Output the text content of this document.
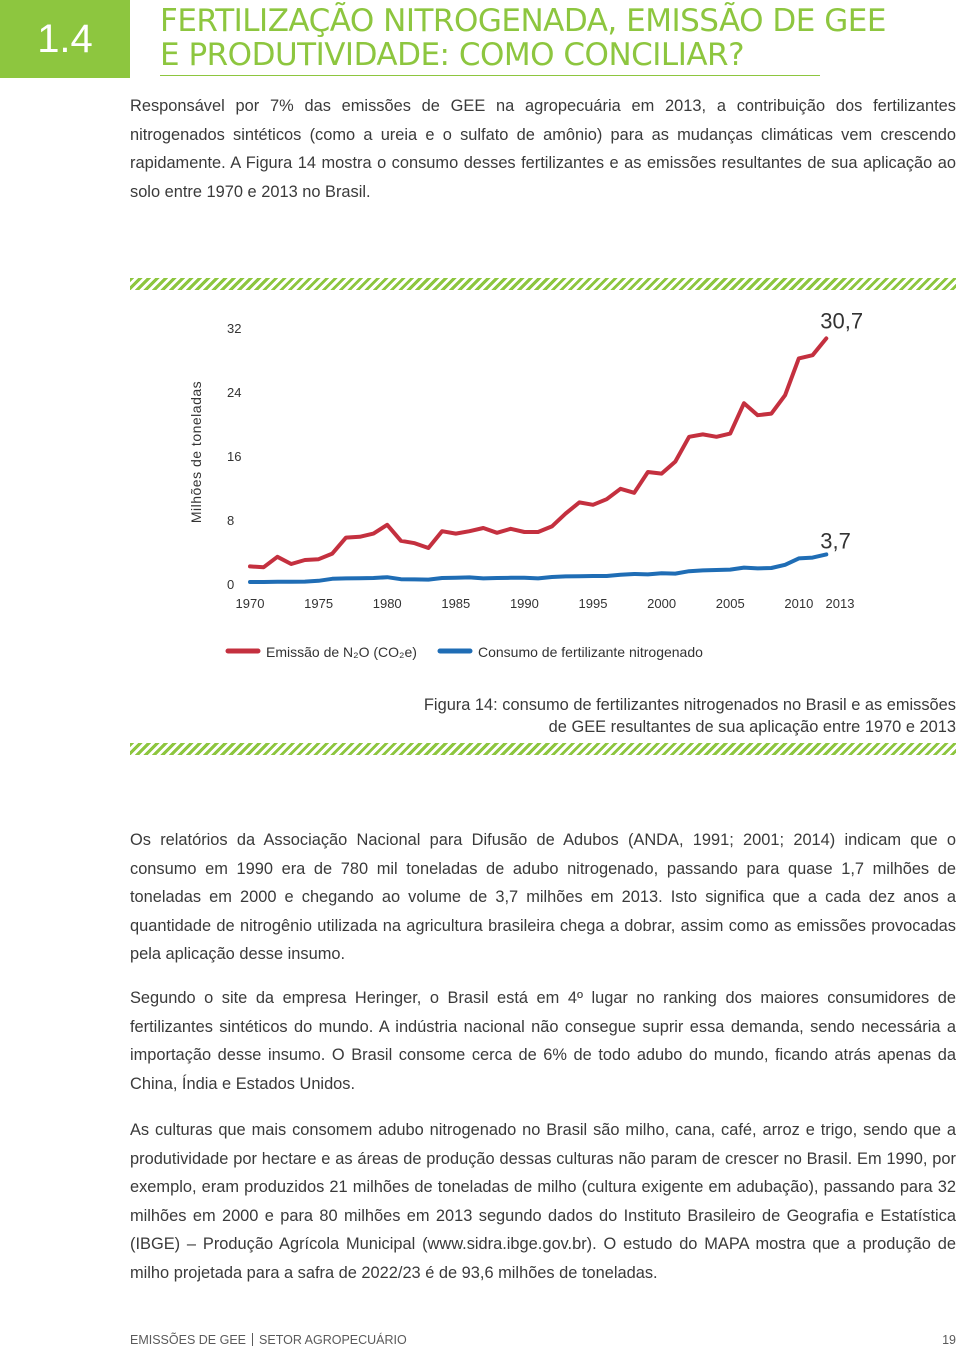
1.4	FERTILIZAÇÃO NITROGENADA, EMISSÃO DE GEE
E PRODUTIVIDADE: COMO CONCILIAR?

Responsável por 7% das emissões de GEE na agropecuária em 2013, a contribuição dos fertilizantes nitrogenados sintéticos (como a ureia e o sulfato de amônio) para as mudanças climáticas vem crescendo rapidamente. A Figura 14 mostra o consumo desses fertilizantes e as emissões resultantes de sua aplicação ao solo entre 1970 e 2013 no Brasil.

0
8
16
24
32
1970	1975	1980	1985	1990	1995	2000	2005	2010 2013
30,7
3,7
Emissão de N₂O (CO₂e)	Consumo de fertilizante nitrogenado
Milhões de toneladas
Figura 14: consumo de fertilizantes nitrogenados no Brasil e as emissões
de GEE resultantes de sua aplicação entre 1970 e 2013

Os relatórios da Associação Nacional para Difusão de Adubos (ANDA, 1991; 2001; 2014) indicam que o consumo em 1990 era de 780 mil toneladas de adubo nitrogenado, passando para quase 1,7 milhões de toneladas em 2000 e chegando ao volume de 3,7 milhões em 2013. Isto significa que a cada dez anos a quantidade de nitrogênio utilizada na agricultura brasileira chega a dobrar, assim como as emissões provocadas pela aplicação desse insumo.

Segundo o site da empresa Heringer, o Brasil está em 4º lugar no ranking dos maiores consumidores de fertilizantes sintéticos do mundo. A indústria nacional não consegue suprir essa demanda, sendo necessária a importação desse insumo. O Brasil consome cerca de 6% de todo adubo do mundo, ficando atrás apenas da China, Índia e Estados Unidos.

As culturas que mais consomem adubo nitrogenado no Brasil são milho, cana, café, arroz e trigo, sendo que a produtividade por hectare e as áreas de produção dessas culturas não param de crescer no Brasil. Em 1990, por exemplo, eram produzidos 21 milhões de toneladas de milho (cultura exigente em adubação), passando para 32 milhões em 2000 e para 80 milhões em 2013 segundo dados do Instituto Brasileiro de Geografia e Estatística (IBGE) – Produção Agrícola Municipal (www.sidra.ibge.gov.br). O estudo do MAPA mostra que a produção de milho projetada para a safra de 2022/23 é de 93,6 milhões de toneladas.

EMISSÕES DE GEE SETOR AGROPECUÁRIO	19
